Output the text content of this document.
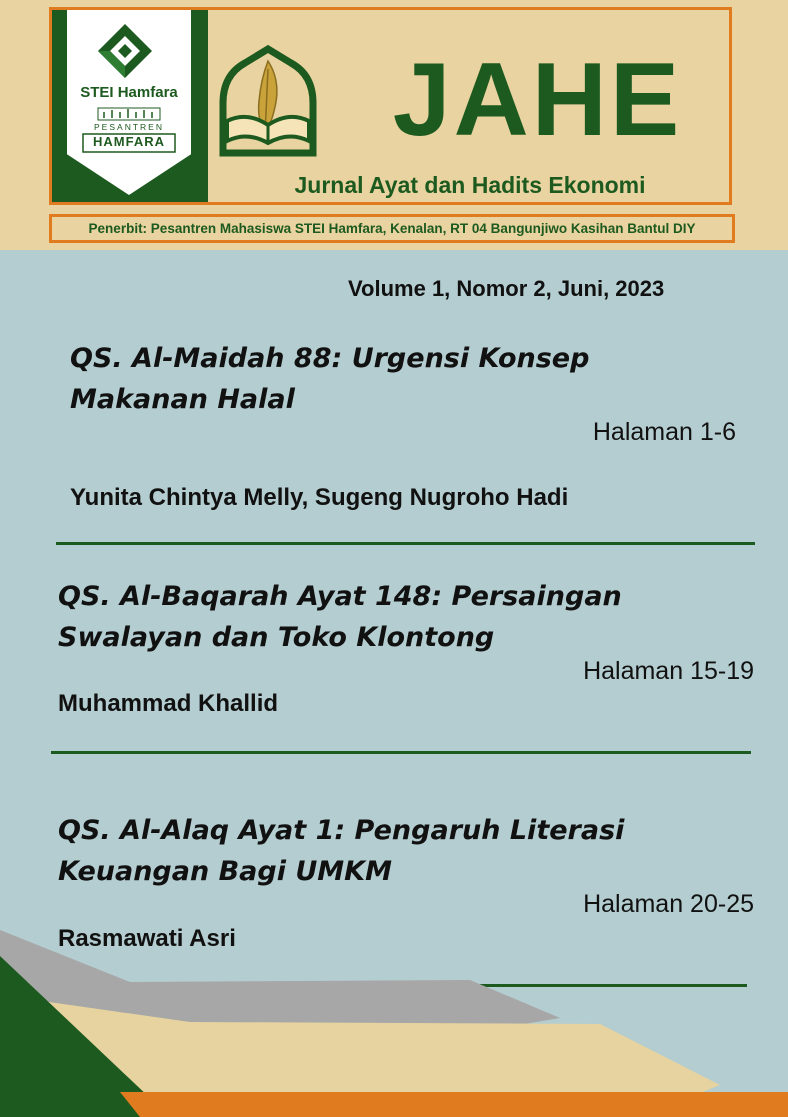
STEI Hamfara
PESANTREN
HAMFARA	JAHE
Jurnal Ayat dan Hadits Ekonomi
Penerbit: Pesantren Mahasiswa STEI Hamfara, Kenalan, RT 04 Bangunjiwo Kasihan Bantul DIY
Volume 1, Nomor 2, Juni, 2023
QS. Al-Maidah 88: Urgensi Konsep
Makanan Halal
Halaman 1-6
Yunita Chintya Melly, Sugeng Nugroho Hadi
QS. Al-Baqarah Ayat 148: Persaingan
Swalayan dan Toko Klontong
Halaman 15-19
Muhammad Khallid
QS. Al-Alaq Ayat 1: Pengaruh Literasi
Keuangan Bagi UMKM
Halaman 20-25
Rasmawati Asri
